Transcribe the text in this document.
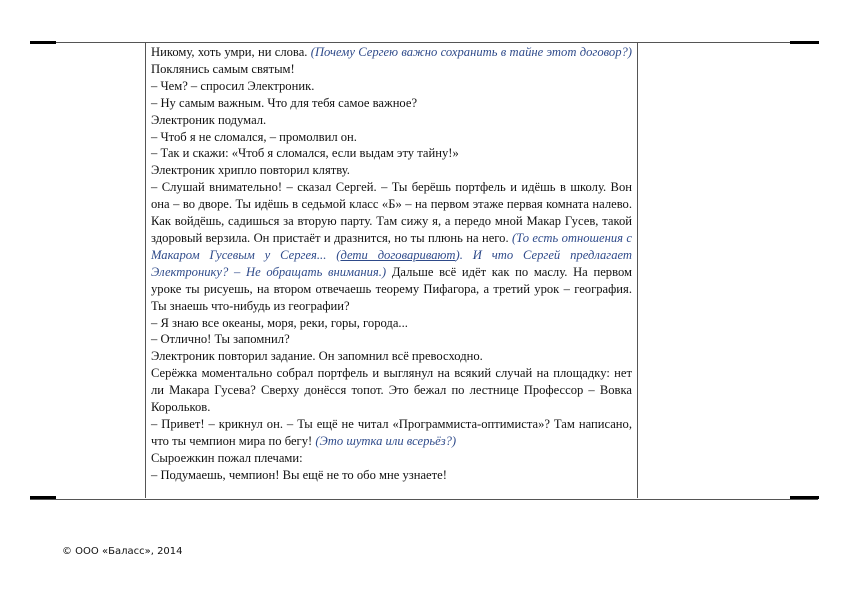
Никому, хоть умри, ни слова. (Почему Сергею важно сохранить в тайне этот договор?) Поклянись самым святым!

– Чем? – спросил Электроник.

– Ну самым важным. Что для тебя самое важное?

Электроник подумал.

– Чтоб я не сломался, – промолвил он.

– Так и скажи: «Чтоб я сломался, если выдам эту тайну!»

Электроник хрипло повторил клятву.

– Слушай внимательно! – сказал Сергей. – Ты берёшь портфель и идёшь в школу. Вон она – во дворе. Ты идёшь в седьмой класс «Б» – на первом этаже первая комната налево. Как войдёшь, садишься за вторую парту. Там сижу я, а передо мной Макар Гусев, такой здоровый верзила. Он пристаёт и дразнится, но ты плюнь на него. (То есть отношения с Макаром Гусевым у Сергея... (дети договаривают). И что Сергей предлагает Электронику? – Не обращать внимания.) Дальше всё идёт как по маслу. На первом уроке ты рисуешь, на втором отвечаешь теорему Пифагора, а третий урок – география. Ты знаешь что-нибудь из географии?

– Я знаю все океаны, моря, реки, горы, города...

– Отлично! Ты запомнил?

Электроник повторил задание. Он запомнил всё превосходно.

Серёжка моментально собрал портфель и выглянул на всякий случай на площадку: нет ли Макара Гусева? Сверху донёсся топот. Это бежал по лестнице Профессор – Вовка Корольков.

– Привет! – крикнул он. – Ты ещё не читал «Программиста-оптимиста»? Там написано, что ты чемпион мира по бегу! (Это шутка или всерьёз?)

Сыроежкин пожал плечами:

– Подумаешь, чемпион! Вы ещё не то обо мне узнаете!

© ООО «Баласс», 2014
